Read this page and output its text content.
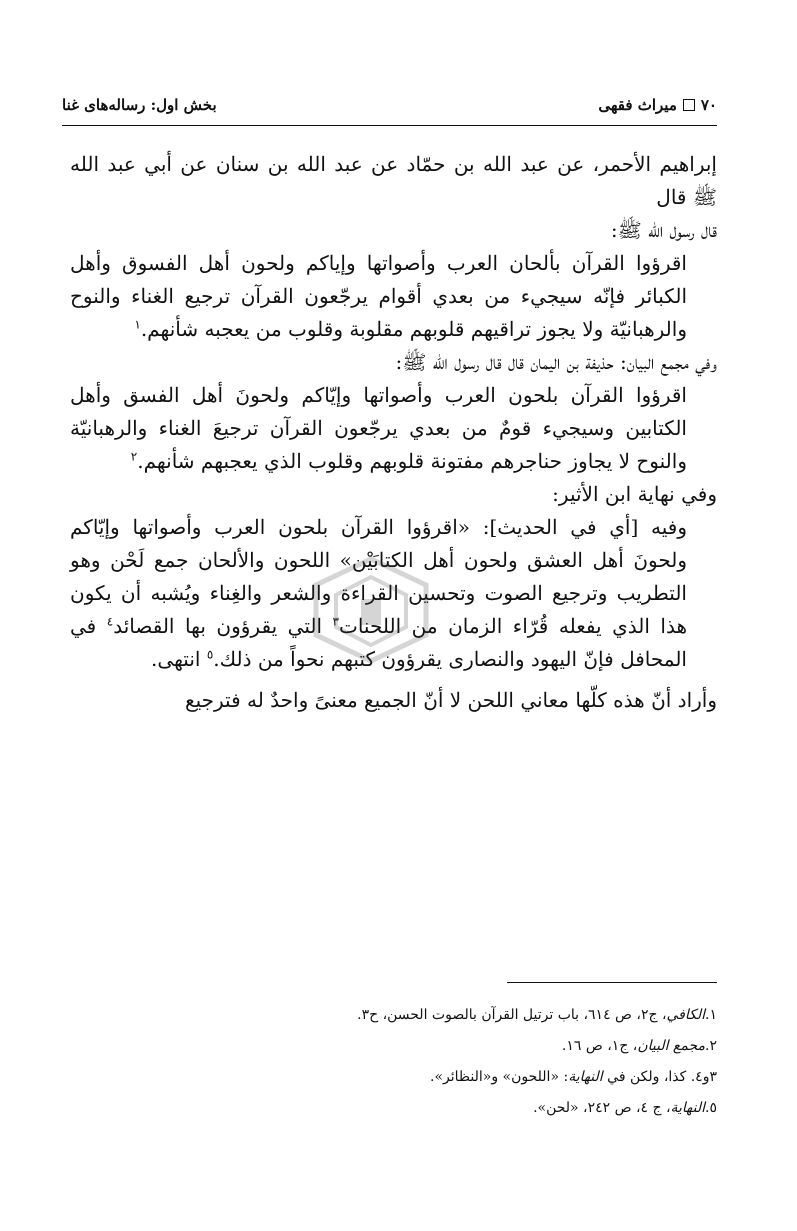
بخش اول: رساله‌های غنا	۷۰
میراث فقهی

إبراهيم الأحمر، عن عبد الله بن حمّاد عن عبد الله بن سنان عن أبي عبد الله ﷺ قال
قال رسول الله ﷺ:

اقرؤوا القرآن بألحان العرب وأصواتها وإياكم ولحون أهل الفسوق وأهل الكبائر فإنّه سيجيء من بعدي أقوام يرجّعون القرآن ترجيع الغناء والنوح والرهبانيّة ولا يجوز تراقيهم قلوبهم مقلوبة وقلوب من يعجبه شأنهم.$^١$

وفي مجمع البيان: حذيفة بن اليمان قال قال رسول الله ﷺ:

اقرؤوا القرآن بلحون العرب وأصواتها وإيّاكم ولحونَ أهل الفسق وأهل الكتابين وسيجيء قومٌ من بعدي يرجّعون القرآن ترجيعَ الغناء والرهبانيّة والنوح لا يجاوز حناجرهم مفتونة قلوبهم وقلوب الذي يعجبهم شأنهم.$^٢$

وفي نهاية ابن الأثير:

وفيه [أي في الحديث]: «اقرؤوا القرآن بلحون العرب وأصواتها وإيّاكم ولحونَ أهل العشق ولحون أهل الكتابَيْن» اللحون والألحان جمع لَحْن وهو التطريب وترجيع الصوت وتحسين القراءة والشعر والغِناء ويُشبه أن يكون هذا الذي يفعله قُرّاء الزمان من اللحنات$^٣$ التي يقرؤون بها القصائد$^٤$ في المحافل فإنّ اليهود والنصارى يقرؤون كتبهم نحواً من ذلك.$^٥$ انتهى.

وأراد أنّ هذه كلّها معاني اللحن لا أنّ الجميع معنىً واحدٌ له فترجيع

١.الكافي، ج٢، ص ٦١٤، باب ترتيل القرآن بالصوت الحسن، ح٣.

٢.مجمع البيان، ج١، ص ١٦.

٣و٤. كذا، ولكن في النهاية: «اللحون» و«النظائر».

٥.النهاية، ج ٤، ص ٢٤٢، «لحن».
